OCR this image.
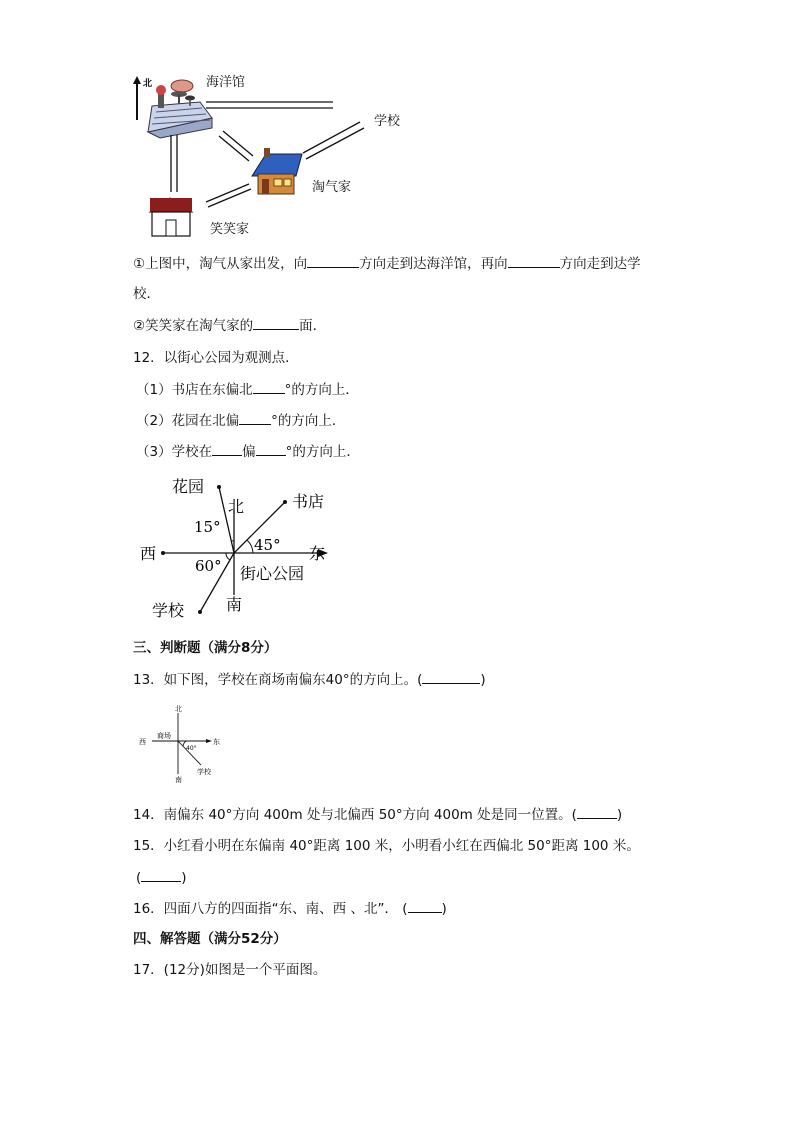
北	海洋馆
学校
淘气家
笑笑家
①上图中，淘气从家出发，向	方向走到达海洋馆，再向	方向走到达学
校．
②笑笑家在淘气家的	面．
12．以街心公园为观测点．
（1）书店在东偏北 °的方向上．
（2）花园在北偏 °的方向上．
（3）学校在 偏 °的方向上．
花园
北	书店
15°
45°
西	东
60° 街心公园
南
学校
三、判断题（满分8分）
13．如下图，学校在商场南偏东40°的方向上。(	)
北
西
商场
40°
东
南
学校
14．南偏东 40°方向 400m 处与北偏西 50°方向 400m 处是同一位置。(	)
15．小红看小明在东偏南 40°距离 100 米，小明看小红在西偏北 50°距离 100 米。
(	)
16．四面八方的四面指“东、南、西 、北”． (	)
四、解答题（满分52分）
17．(12分)如图是一个平面图。
